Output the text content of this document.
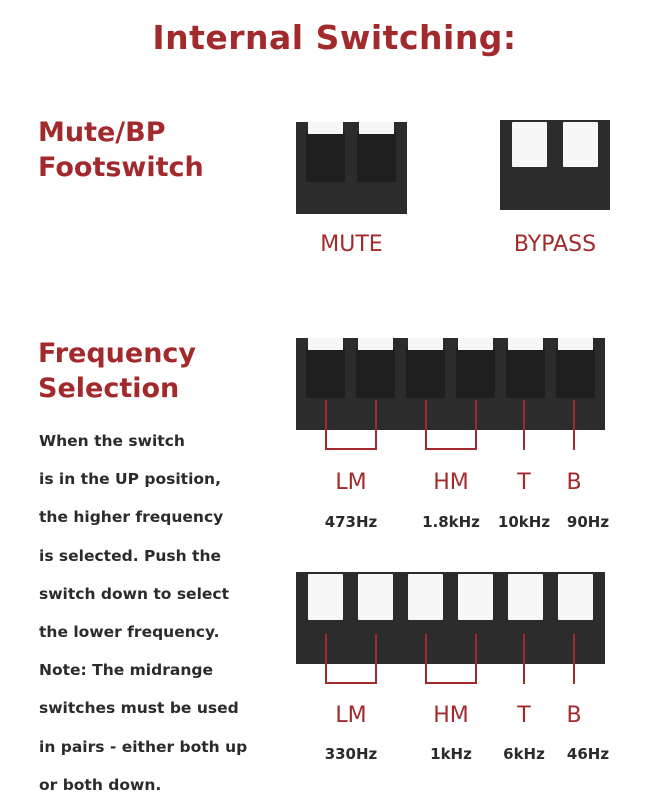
Internal Switching:
Mute/BP
Footswitch
MUTE	BYPASS
Frequency
Selection
When the switch
is in the UP position,
the higher frequency
is selected. Push the
switch down to select
the lower frequency.
Note: The midrange
switches must be used
in pairs - either both up
or both down.
LM	HM	T	B
473Hz	1.8kHz	10kHz	90Hz
LM	HM	T	B
330Hz	1kHz	6kHz	46Hz
